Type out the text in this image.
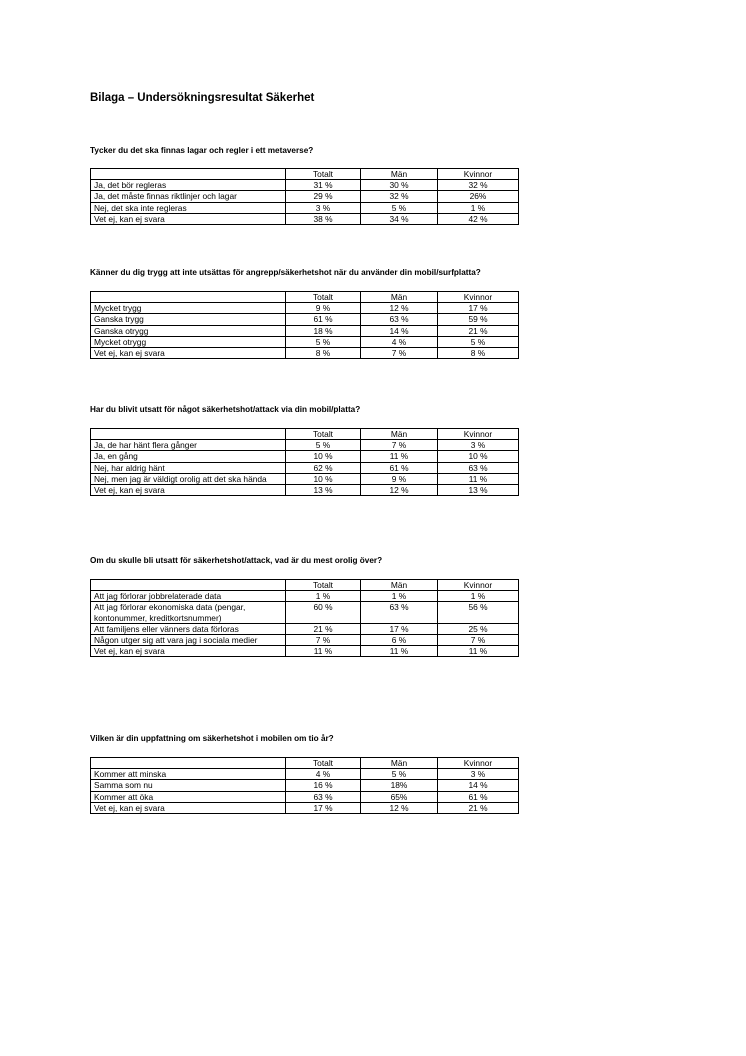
Bilaga – Undersökningsresultat Säkerhet

Tycker du det ska finnas lagar och regler i ett metaverse?

	Totalt	Män	Kvinnor
Ja, det bör regleras	31 %	30 %	32 %
Ja, det måste finnas riktlinjer och lagar	29 %	32 %	26%
Nej, det ska inte regleras	3 %	5 %	1 %
Vet ej, kan ej svara	38 %	34 %	42 %

Känner du dig trygg att inte utsättas för angrepp/säkerhetshot när du använder din mobil/surfplatta?

	Totalt	Män	Kvinnor
Mycket trygg	9 %	12 %	17 %
Ganska trygg	61 %	63 %	59 %
Ganska otrygg	18 %	14 %	21 %
Mycket otrygg	5 %	4 %	5 %
Vet ej, kan ej svara	8 %	7 %	8 %

Har du blivit utsatt för något säkerhetshot/attack via din mobil/platta?

	Totalt	Män	Kvinnor
Ja, de har hänt flera gånger	5 %	7 %	3 %
Ja, en gång	10 %	11 %	10 %
Nej, har aldrig hänt	62 %	61 %	63 %
Nej, men jag är väldigt orolig att det ska hända	10 %	9 %	11 %
Vet ej, kan ej svara	13 %	12 %	13 %

Om du skulle bli utsatt för säkerhetshot/attack, vad är du mest orolig över?

	Totalt	Män	Kvinnor
Att jag förlorar jobbrelaterade data	1 %	1 %	1 %
Att jag förlorar ekonomiska data (pengar, kontonummer, kreditkortsnummer)	60 %	63 %	56 %
Att familjens eller vänners data förloras	21 %	17 %	25 %
Någon utger sig att vara jag i sociala medier	7 %	6 %	7 %
Vet ej, kan ej svara	11 %	11 %	11 %

Vilken är din uppfattning om säkerhetshot i mobilen om tio år?

	Totalt	Män	Kvinnor
Kommer att minska	4 %	5 %	3 %
Samma som nu	16 %	18%	14 %
Kommer att öka	63 %	65%	61 %
Vet ej, kan ej svara	17 %	12 %	21 %
